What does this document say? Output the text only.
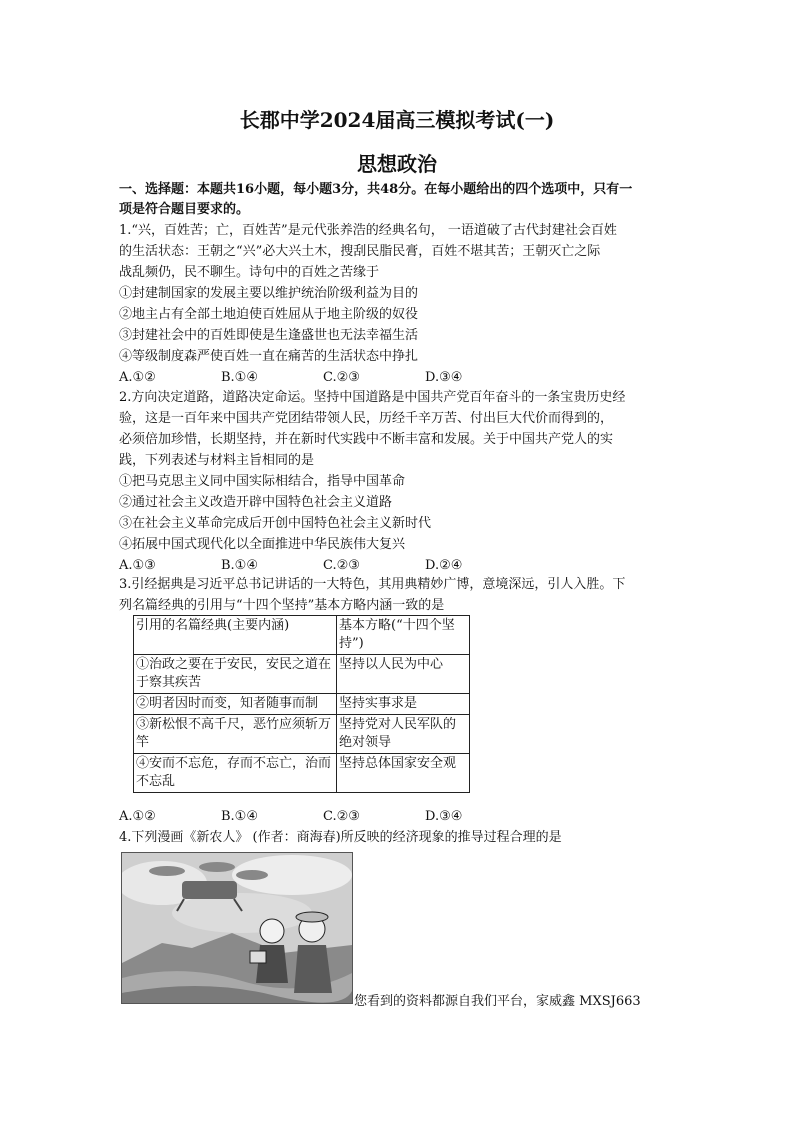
长郡中学2024届高三模拟考试(一)
思想政治
一、选择题：本题共16小题，每小题3分，共48分。在每小题给出的四个选项中，只有一
项是符合题目要求的。
1.“兴，百姓苦；亡，百姓苦”是元代张养浩的经典名句， 一语道破了古代封建社会百姓
的生活状态：王朝之“兴”必大兴土木，搜刮民脂民膏，百姓不堪其苦；王朝灭亡之际
战乱频仍，民不聊生。诗句中的百姓之苦缘于
①封建制国家的发展主要以维护统治阶级利益为目的
②地主占有全部土地迫使百姓屈从于地主阶级的奴役
③封建社会中的百姓即使是生逢盛世也无法幸福生活
④等级制度森严使百姓一直在痛苦的生活状态中挣扎
A.①②	B.①④	C.②③	D.③④
2.方向决定道路，道路决定命运。坚持中国道路是中国共产党百年奋斗的一条宝贵历史经
验，这是一百年来中国共产党团结带领人民，历经千辛万苦、付出巨大代价而得到的，
必须倍加珍惜，长期坚持，并在新时代实践中不断丰富和发展。关于中国共产党人的实
践，下列表述与材料主旨相同的是
①把马克思主义同中国实际相结合，指导中国革命
②通过社会主义改造开辟中国特色社会主义道路
③在社会主义革命完成后开创中国特色社会主义新时代
④拓展中国式现代化以全面推进中华民族伟大复兴
A.①③	B.①④	C.②③	D.②④
3.引经据典是习近平总书记讲话的一大特色，其用典精妙广博，意境深远，引人入胜。下
列名篇经典的引用与“十四个坚持”基本方略内涵一致的是
引用的名篇经典(主要内涵)	基本方略(“十四个坚持”)
①治政之要在于安民，安民之道在于察其疾苦	坚持以人民为中心
②明者因时而变，知者随事而制	坚持实事求是
③新松恨不高千尺，恶竹应须斩万竿	坚持党对人民军队的绝对领导
④安而不忘危，存而不忘亡，治而不忘乱	坚持总体国家安全观
A.①②	B.①④	C.②③	D.③④
4.下列漫画《新农人》 (作者：商海春)所反映的经济现象的推导过程合理的是
您看到的资料都源自我们平台，家威鑫 MXSJ663
